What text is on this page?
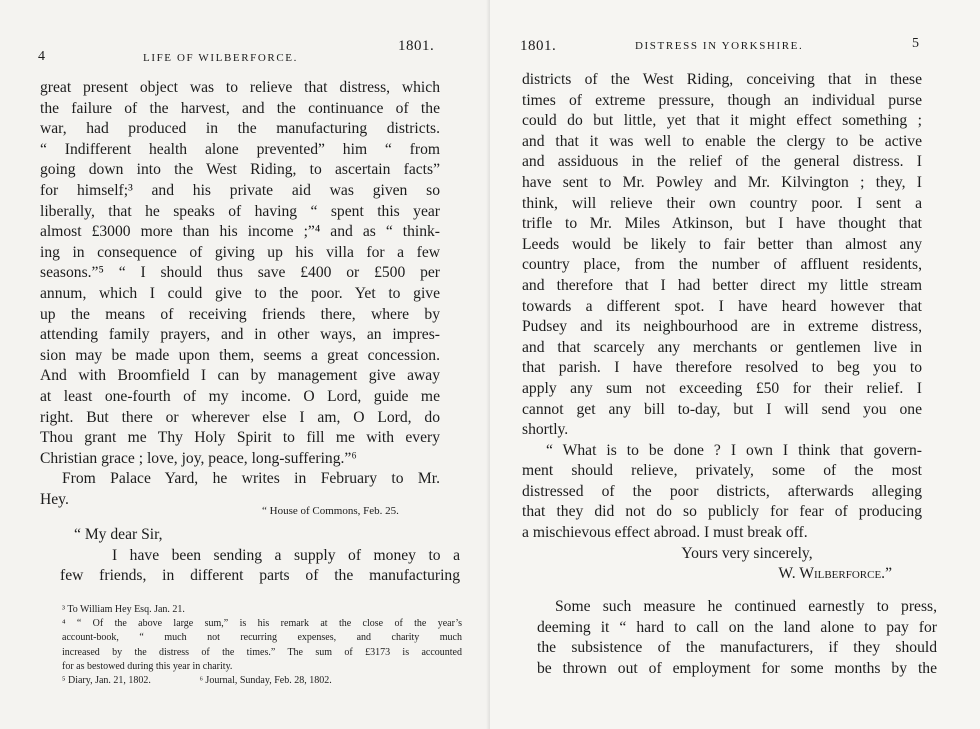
4	LIFE OF WILBERFORCE.
1801.
great present object was to relieve that distress, which
the failure of the harvest, and the continuance of the
war, had produced in the manufacturing districts.
“ Indifferent health alone prevented” him “ from
going down into the West Riding, to ascertain facts”
for himself;³ and his private aid was given so
liberally, that he speaks of having “ spent this year
almost £3000 more than his income ;”⁴ and as “ think-
ing in consequence of giving up his villa for a few
seasons.”⁵ “ I should thus save £400 or £500 per
annum, which I could give to the poor. Yet to give
up the means of receiving friends there, where by
attending family prayers, and in other ways, an impres-
sion may be made upon them, seems a great concession.
And with Broomfield I can by management give away
at least one-fourth of my income. O Lord, guide me
right. But there or wherever else I am, O Lord, do
Thou grant me Thy Holy Spirit to fill me with every
Christian grace ; love, joy, peace, long-suffering.”⁶
From Palace Yard, he writes in February to Mr.
Hey.
“ House of Commons, Feb. 25.
“ My dear Sir,
I have been sending a supply of money to a
few friends, in different parts of the manufacturing
³ To William Hey Esq. Jan. 21.
⁴ “ Of the above large sum,” is his remark at the close of the year’s
account-book, “ much not recurring expenses, and charity much
increased by the distress of the times.” The sum of £3173 is accounted
for as bestowed during this year in charity.
⁵ Diary, Jan. 21, 1802.	⁶ Journal, Sunday, Feb. 28, 1802.
1801.	DISTRESS IN YORKSHIRE.	5
districts of the West Riding, conceiving that in these
times of extreme pressure, though an individual purse
could do but little, yet that it might effect something ;
and that it was well to enable the clergy to be active
and assiduous in the relief of the general distress. I
have sent to Mr. Powley and Mr. Kilvington ; they, I
think, will relieve their own country poor. I sent a
trifle to Mr. Miles Atkinson, but I have thought that
Leeds would be likely to fair better than almost any
country place, from the number of affluent residents,
and therefore that I had better direct my little stream
towards a different spot. I have heard however that
Pudsey and its neighbourhood are in extreme distress,
and that scarcely any merchants or gentlemen live in
that parish. I have therefore resolved to beg you to
apply any sum not exceeding £50 for their relief. I
cannot get any bill to-day, but I will send you one
shortly.
“ What is to be done ? I own I think that govern-
ment should relieve, privately, some of the most
distressed of the poor districts, afterwards alleging
that they did not do so publicly for fear of producing
a mischievous effect abroad. I must break off.
Yours very sincerely,
W. Wilberforce.”
Some such measure he continued earnestly to press,
deeming it “ hard to call on the land alone to pay for
the subsistence of the manufacturers, if they should
be thrown out of employment for some months by the
